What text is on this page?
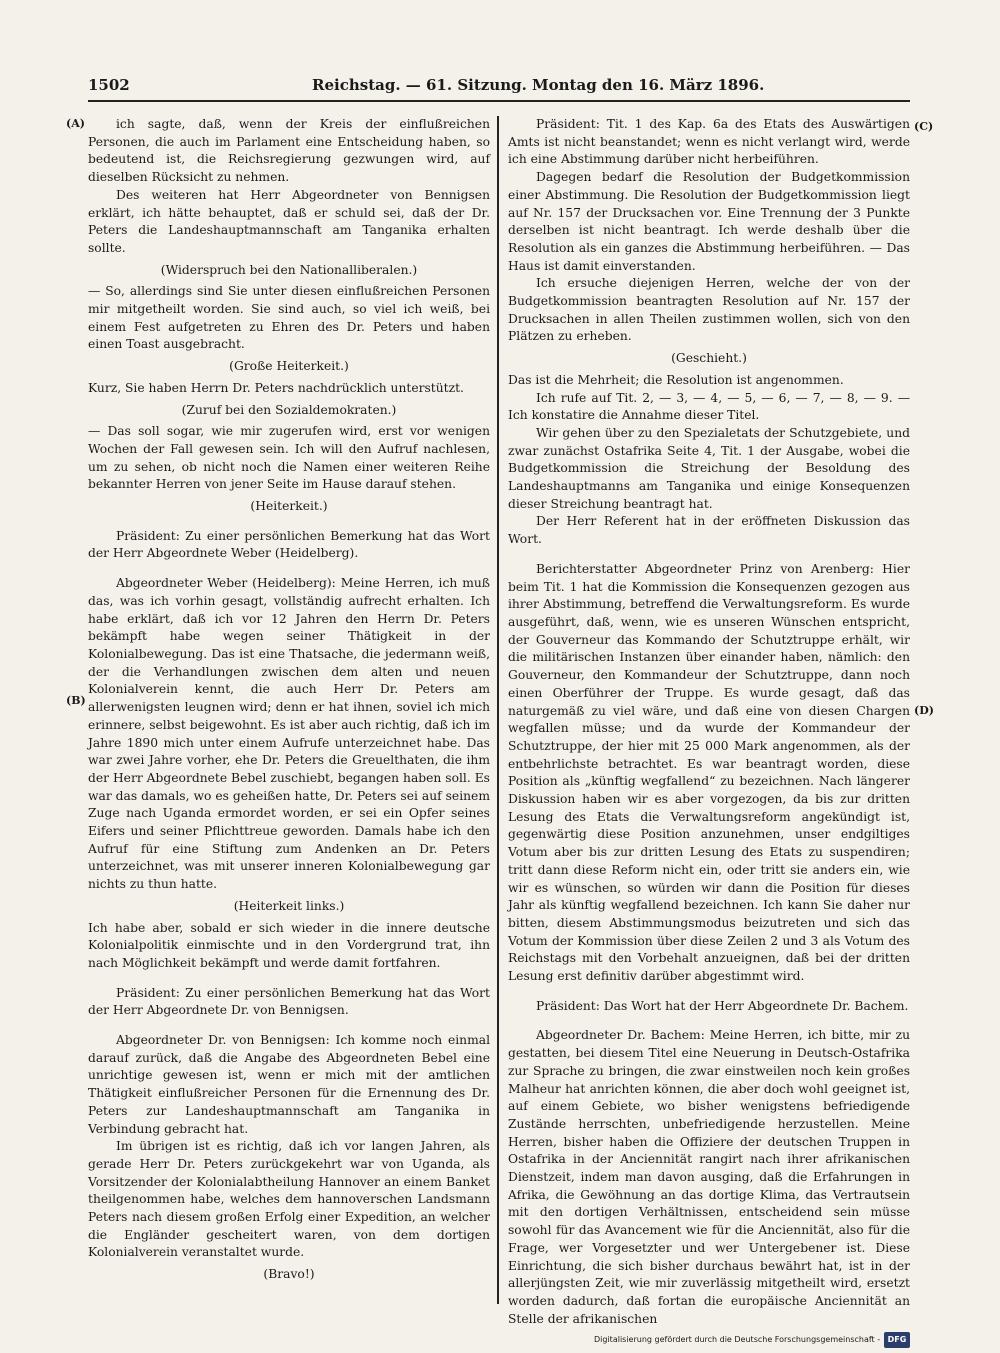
1502	Reichstag. — 61. Sitzung. Montag den 16. März 1896.
(A)
(B)
(C)
(D)

ich sagte, daß, wenn der Kreis der einflußreichen Personen, die auch im Parlament eine Entscheidung haben, so bedeutend ist, die Reichsregierung gezwungen wird, auf dieselben Rücksicht zu nehmen.

Des weiteren hat Herr Abgeordneter von Bennigsen erklärt, ich hätte behauptet, daß er schuld sei, daß der Dr. Peters die Landeshauptmannschaft am Tanganika erhalten sollte.

(Widerspruch bei den Nationalliberalen.)

— So, allerdings sind Sie unter diesen einflußreichen Personen mir mitgetheilt worden. Sie sind auch, so viel ich weiß, bei einem Fest aufgetreten zu Ehren des Dr. Peters und haben einen Toast ausgebracht.

(Große Heiterkeit.)

Kurz, Sie haben Herrn Dr. Peters nachdrücklich unterstützt.

(Zuruf bei den Sozialdemokraten.)

— Das soll sogar, wie mir zugerufen wird, erst vor wenigen Wochen der Fall gewesen sein. Ich will den Aufruf nachlesen, um zu sehen, ob nicht noch die Namen einer weiteren Reihe bekannter Herren von jener Seite im Hause darauf stehen.

(Heiterkeit.)

Präsident: Zu einer persönlichen Bemerkung hat das Wort der Herr Abgeordnete Weber (Heidelberg).

Abgeordneter Weber (Heidelberg): Meine Herren, ich muß das, was ich vorhin gesagt, vollständig aufrecht erhalten. Ich habe erklärt, daß ich vor 12 Jahren den Herrn Dr. Peters bekämpft habe wegen seiner Thätigkeit in der Kolonialbewegung. Das ist eine Thatsache, die jedermann weiß, der die Verhandlungen zwischen dem alten und neuen Kolonialverein kennt, die auch Herr Dr. Peters am allerwenigsten leugnen wird; denn er hat ihnen, soviel ich mich erinnere, selbst beigewohnt. Es ist aber auch richtig, daß ich im Jahre 1890 mich unter einem Aufrufe unterzeichnet habe. Das war zwei Jahre vorher, ehe Dr. Peters die Greuelthaten, die ihm der Herr Abgeordnete Bebel zuschiebt, begangen haben soll. Es war das damals, wo es geheißen hatte, Dr. Peters sei auf seinem Zuge nach Uganda ermordet worden, er sei ein Opfer seines Eifers und seiner Pflichttreue geworden. Damals habe ich den Aufruf für eine Stiftung zum Andenken an Dr. Peters unterzeichnet, was mit unserer inneren Kolonialbewegung gar nichts zu thun hatte.

(Heiterkeit links.)

Ich habe aber, sobald er sich wieder in die innere deutsche Kolonialpolitik einmischte und in den Vordergrund trat, ihn nach Möglichkeit bekämpft und werde damit fortfahren.

Präsident: Zu einer persönlichen Bemerkung hat das Wort der Herr Abgeordnete Dr. von Bennigsen.

Abgeordneter Dr. von Bennigsen: Ich komme noch einmal darauf zurück, daß die Angabe des Abgeordneten Bebel eine unrichtige gewesen ist, wenn er mich mit der amtlichen Thätigkeit einflußreicher Personen für die Ernennung des Dr. Peters zur Landeshauptmannschaft am Tanganika in Verbindung gebracht hat.

Im übrigen ist es richtig, daß ich vor langen Jahren, als gerade Herr Dr. Peters zurückgekehrt war von Uganda, als Vorsitzender der Kolonialabtheilung Hannover an einem Banket theilgenommen habe, welches dem hannoverschen Landsmann Peters nach diesem großen Erfolg einer Expedition, an welcher die Engländer gescheitert waren, von dem dortigen Kolonialverein veranstaltet wurde.

(Bravo!)

Präsident: Tit. 1 des Kap. 6a des Etats des Auswärtigen Amts ist nicht beanstandet; wenn es nicht verlangt wird, werde ich eine Abstimmung darüber nicht herbeiführen.

Dagegen bedarf die Resolution der Budgetkommission einer Abstimmung. Die Resolution der Budgetkommission liegt auf Nr. 157 der Drucksachen vor. Eine Trennung der 3 Punkte derselben ist nicht beantragt. Ich werde deshalb über die Resolution als ein ganzes die Abstimmung herbeiführen. — Das Haus ist damit einverstanden.

Ich ersuche diejenigen Herren, welche der von der Budgetkommission beantragten Resolution auf Nr. 157 der Drucksachen in allen Theilen zustimmen wollen, sich von den Plätzen zu erheben.

(Geschieht.)

Das ist die Mehrheit; die Resolution ist angenommen.

Ich rufe auf Tit. 2, — 3, — 4, — 5, — 6, — 7, — 8, — 9. — Ich konstatire die Annahme dieser Titel.

Wir gehen über zu den Spezialetats der Schutzgebiete, und zwar zunächst Ostafrika Seite 4, Tit. 1 der Ausgabe, wobei die Budgetkommission die Streichung der Besoldung des Landeshauptmanns am Tanganika und einige Konsequenzen dieser Streichung beantragt hat.

Der Herr Referent hat in der eröffneten Diskussion das Wort.

Berichterstatter Abgeordneter Prinz von Arenberg: Hier beim Tit. 1 hat die Kommission die Konsequenzen gezogen aus ihrer Abstimmung, betreffend die Verwaltungsreform. Es wurde ausgeführt, daß, wenn, wie es unseren Wünschen entspricht, der Gouverneur das Kommando der Schutztruppe erhält, wir die militärischen Instanzen über einander haben, nämlich: den Gouverneur, den Kommandeur der Schutztruppe, dann noch einen Oberführer der Truppe. Es wurde gesagt, daß das naturgemäß zu viel wäre, und daß eine von diesen Chargen wegfallen müsse; und da wurde der Kommandeur der Schutztruppe, der hier mit 25 000 Mark angenommen, als der entbehrlichste betrachtet. Es war beantragt worden, diese Position als „künftig wegfallend“ zu bezeichnen. Nach längerer Diskussion haben wir es aber vorgezogen, da bis zur dritten Lesung des Etats die Verwaltungsreform angekündigt ist, gegenwärtig diese Position anzunehmen, unser endgiltiges Votum aber bis zur dritten Lesung des Etats zu suspendiren; tritt dann diese Reform nicht ein, oder tritt sie anders ein, wie wir es wünschen, so würden wir dann die Position für dieses Jahr als künftig wegfallend bezeichnen. Ich kann Sie daher nur bitten, diesem Abstimmungsmodus beizutreten und sich das Votum der Kommission über diese Zeilen 2 und 3 als Votum des Reichstags mit den Vorbehalt anzueignen, daß bei der dritten Lesung erst definitiv darüber abgestimmt wird.

Präsident: Das Wort hat der Herr Abgeordnete Dr. Bachem.

Abgeordneter Dr. Bachem: Meine Herren, ich bitte, mir zu gestatten, bei diesem Titel eine Neuerung in Deutsch-Ostafrika zur Sprache zu bringen, die zwar einstweilen noch kein großes Malheur hat anrichten können, die aber doch wohl geeignet ist, auf einem Gebiete, wo bisher wenigstens befriedigende Zustände herrschten, unbefriedigende herzustellen. Meine Herren, bisher haben die Offiziere der deutschen Truppen in Ostafrika in der Anciennität rangirt nach ihrer afrikanischen Dienstzeit, indem man davon ausging, daß die Erfahrungen in Afrika, die Gewöhnung an das dortige Klima, das Vertrautsein mit den dortigen Verhältnissen, entscheidend sein müsse sowohl für das Avancement wie für die Anciennität, also für die Frage, wer Vorgesetzter und wer Untergebener ist. Diese Einrichtung, die sich bisher durchaus bewährt hat, ist in der allerjüngsten Zeit, wie mir zuverlässig mitgetheilt wird, ersetzt worden dadurch, daß fortan die europäische Anciennität an Stelle der afrikanischen

Digitalisierung gefördert durch die Deutsche Forschungsgemeinschaft - DFG
